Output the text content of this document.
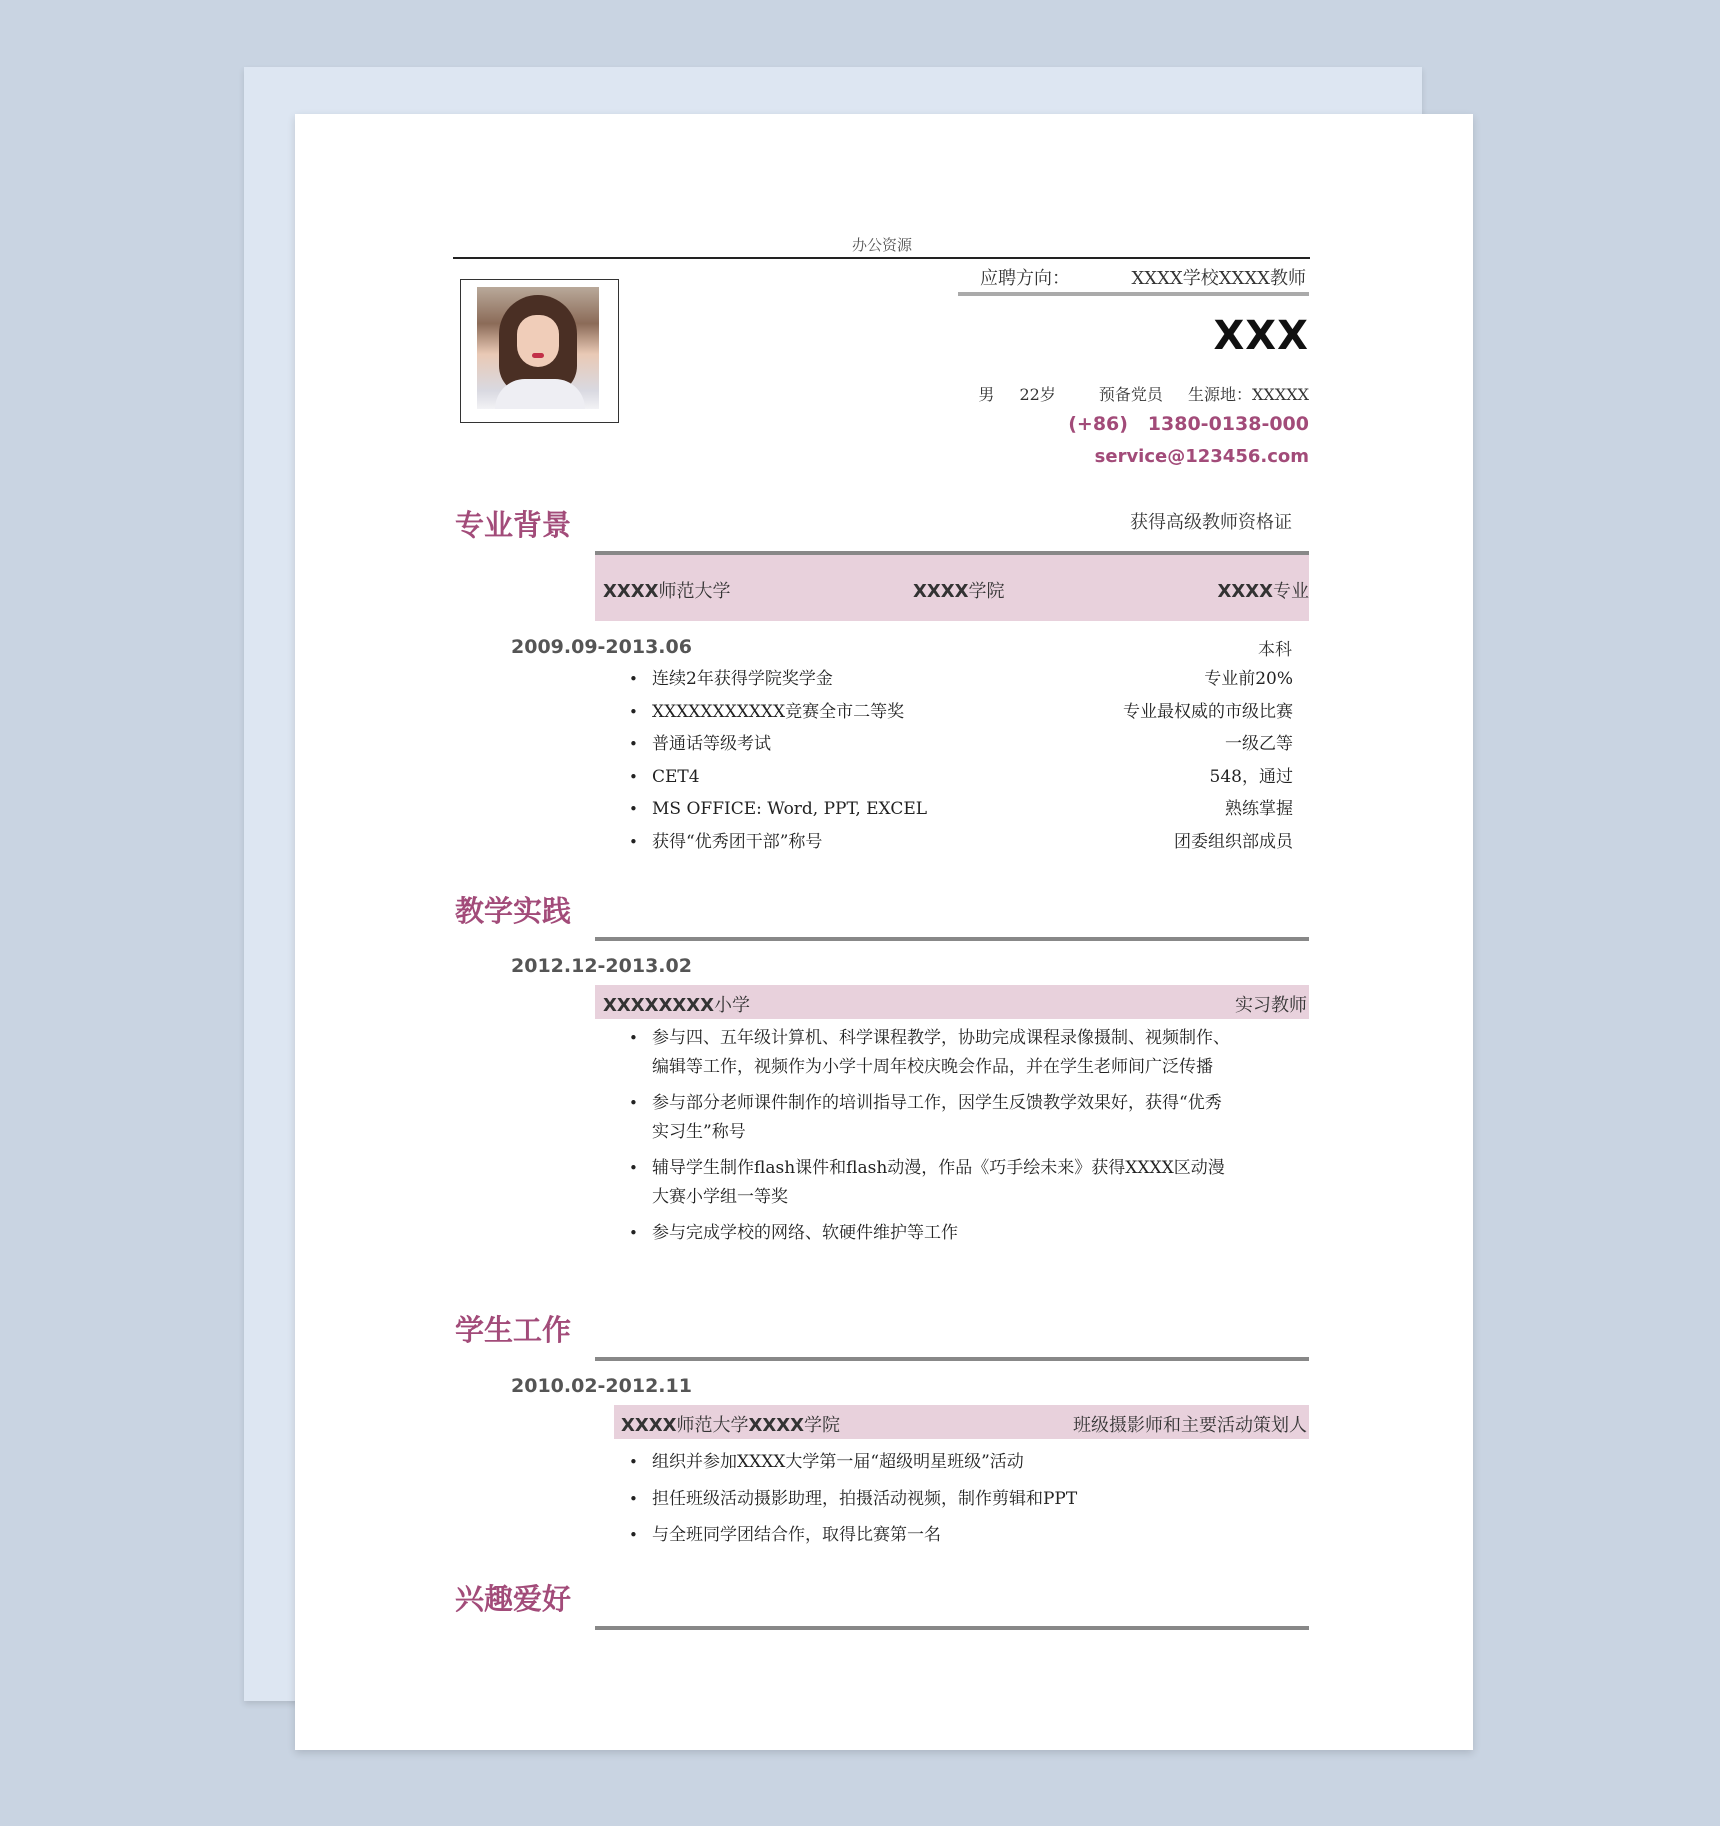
办公资源
应聘方向：	XXXX学校XXXX教师
XXX
男 22岁	预备党员 生源地：XXXXX
(+86)   1380-0138-000
service@123456.com
专业背景	获得高级教师资格证
XXXX师范大学	XXXX学院	XXXX专业
2009.09-2013.06	本科
• 连续2年获得学院奖学金	专业前20%
• XXXXXXXXXXX竞赛全市二等奖	专业最权威的市级比赛
• 普通话等级考试	一级乙等
• CET4	548，通过
• MS OFFICE: Word, PPT, EXCEL	熟练掌握
• 获得“优秀团干部”称号	团委组织部成员
教学实践
2012.12-2013.02
XXXXXXXX小学	实习教师
• 参与四、五年级计算机、科学课程教学，协助完成课程录像摄制、视频制作、编辑等工作，视频作为小学十周年校庆晚会作品，并在学生老师间广泛传播
• 参与部分老师课件制作的培训指导工作，因学生反馈教学效果好，获得“优秀实习生”称号
• 辅导学生制作flash课件和flash动漫，作品《巧手绘未来》获得XXXX区动漫大赛小学组一等奖
• 参与完成学校的网络、软硬件维护等工作
学生工作
2010.02-2012.11
XXXX师范大学XXXX学院	班级摄影师和主要活动策划人
• 组织并参加XXXX大学第一届“超级明星班级”活动
• 担任班级活动摄影助理，拍摄活动视频，制作剪辑和PPT
• 与全班同学团结合作，取得比赛第一名
兴趣爱好
